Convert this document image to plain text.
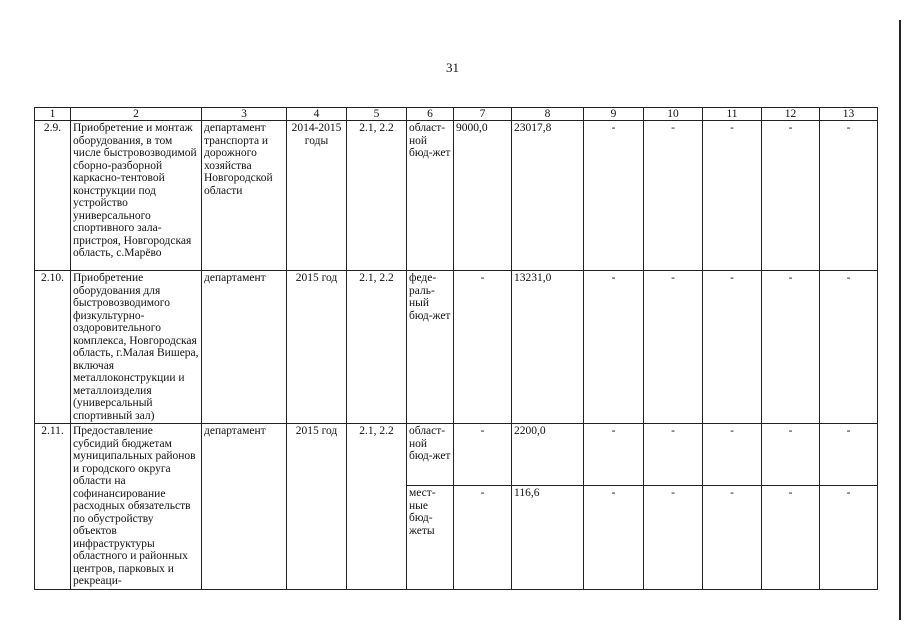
31
1	2	3	4	5	6	7	8	9	10	11	12	13
2.9.	Приобретение и монтаж оборудования, в том числе быстровозводимой сборно-разборной каркасно-тентовой конструкции под устройство универсального спортивного зала-пристроя, Новгородская область, с.Марёво	департамент транспорта и дорожного хозяйства Новгородской области	2014-2015 годы	2.1, 2.2	област-ной бюд-жет	9000,0	23017,8	-	-	-	-	-
2.10.	Приобретение оборудования для быстровозводимого физкультурно-оздоровительного комплекса, Новгородская область, г.Малая Вишера, включая металлоконструкции и металлоизделия (универсальный спортивный зал)	департамент	2015 год	2.1, 2.2	феде-раль-ный бюд-жет	-	13231,0	-	-	-	-	-
2.11.	Предоставление субсидий бюджетам муниципальных районов и городского округа области на софинансирование расходных обязательств по обустройству объектов инфраструктуры областного и районных центров, парковых и рекреаци-	департамент	2015 год	2.1, 2.2	област-ной бюд-жет	-	2200,0	-	-	-	-	-
					мест-ные бюд-жеты	-	116,6	-	-	-	-	-
